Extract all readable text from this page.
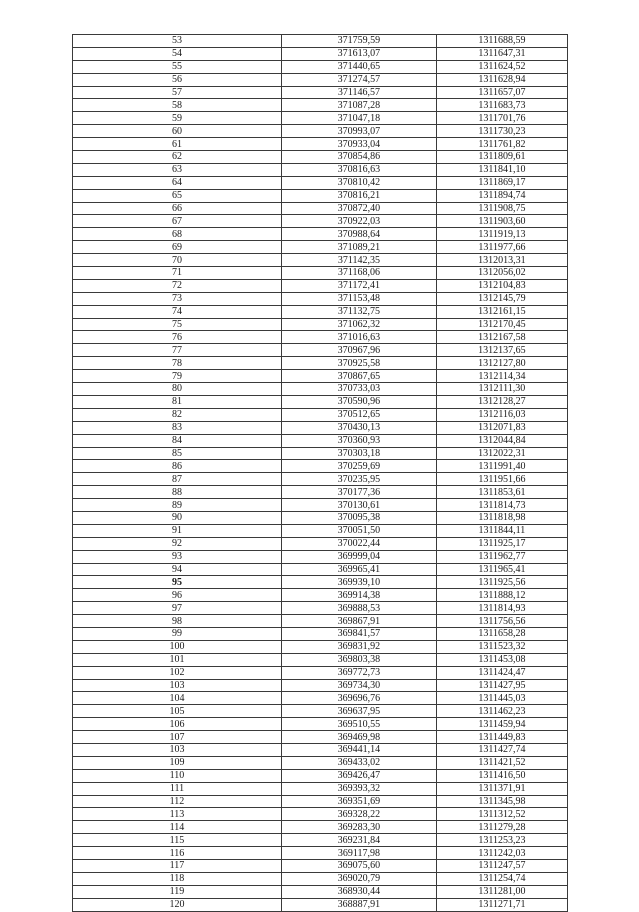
53	371759,59	1311688,59
54	371613,07	1311647,31
55	371440,65	1311624,52
56	371274,57	1311628,94
57	371146,57	1311657,07
58	371087,28	1311683,73
59	371047,18	1311701,76
60	370993,07	1311730,23
61	370933,04	1311761,82
62	370854,86	1311809,61
63	370816,63	1311841,10
64	370810,42	1311869,17
65	370816,21	1311894,74
66	370872,40	1311908,75
67	370922,03	1311903,60
68	370988,64	1311919,13
69	371089,21	1311977,66
70	371142,35	1312013,31
71	371168,06	1312056,02
72	371172,41	1312104,83
73	371153,48	1312145,79
74	371132,75	1312161,15
75	371062,32	1312170,45
76	371016,63	1312167,58
77	370967,96	1312137,65
78	370925,58	1312127,80
79	370867,65	1312114,34
80	370733,03	1312111,30
81	370590,96	1312128,27
82	370512,65	1312116,03
83	370430,13	1312071,83
84	370360,93	1312044,84
85	370303,18	1312022,31
86	370259,69	1311991,40
87	370235,95	1311951,66
88	370177,36	1311853,61
89	370130,61	1311814,73
90	370095,38	1311818,98
91	370051,50	1311844,11
92	370022,44	1311925,17
93	369999,04	1311962,77
94	369965,41	1311965,41
95	369939,10	1311925,56
96	369914,38	1311888,12
97	369888,53	1311814,93
98	369867,91	1311756,56
99	369841,57	1311658,28
100	369831,92	1311523,32
101	369803,38	1311453,08
102	369772,73	1311424,47
103	369734,30	1311427,95
104	369696,76	1311445,03
105	369637,95	1311462,23
106	369510,55	1311459,94
107	369469,98	1311449,83
103	369441,14	1311427,74
109	369433,02	1311421,52
110	369426,47	1311416,50
111	369393,32	1311371,91
112	369351,69	1311345,98
113	369328,22	1311312,52
114	369283,30	1311279,28
115	369231,84	1311253,23
116	369117,98	1311242,03
117	369075,60	1311247,57
118	369020,79	1311254,74
119	368930,44	1311281,00
120	368887,91	1311271,71
